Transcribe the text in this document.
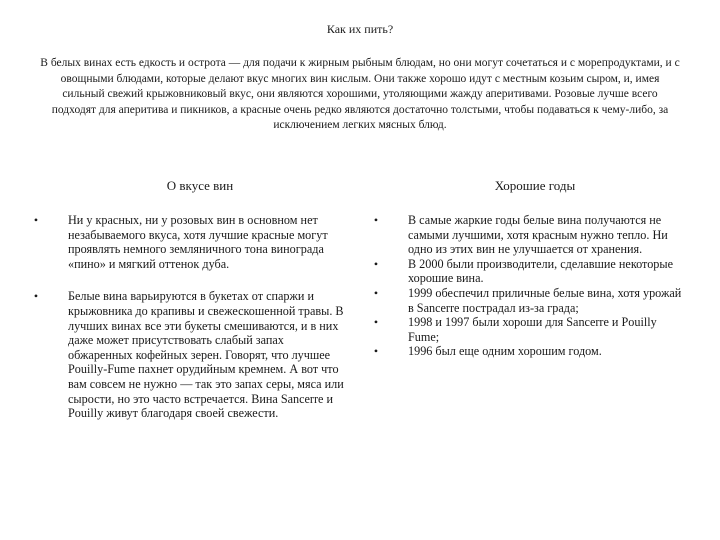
Как их пить?
В белых винах есть едкость и острота — для подачи к жирным рыбным блюдам, но они могут сочетаться и с морепродуктами, и с овощными блюдами, которые делают вкус многих вин кислым. Они также хорошо идут с местным козьим сыром, и, имея сильный свежий крыжовниковый вкус, они являются хорошими, утоляющими жажду аперитивами. Розовые лучше всего подходят для аперитива и пикников, а красные очень редко являются достаточно толстыми, чтобы подаваться к чему-либо, за исключением легких мясных блюд.
О вкусе вин	Хорошие годы
•	Ни у красных, ни у розовых вин в основном нет незабываемого вкуса, хотя лучшие красные могут проявлять немного земляничного тона винограда «пино» и мягкий оттенок дуба.
•	Белые вина варьируются в букетах от спаржи и крыжовника до крапивы и свежескошенной травы. В лучших винах все эти букеты смешиваются, и в них даже может присутствовать слабый запах обжаренных кофейных зерен. Говорят, что лучшее Pouilly-Fume пахнет орудийным кремнем. А вот что вам совсем не нужно — так это запах серы, мяса или сырости, но это часто встречается. Вина Sancerre и Pouilly живут благодаря своей свежести.
•	В самые жаркие годы белые вина получаются не самыми лучшими, хотя красным нужно тепло. Ни одно из этих вин не улучшается от хранения.
•	В 2000 были производители, сделавшие некоторые хорошие вина.
•	1999 обеспечил приличные белые вина, хотя урожай в Sancerre пострадал из-за града;
•	1998 и 1997 были хороши для Sancerre и Pouilly Fume;
•	1996 был еще одним хорошим годом.
